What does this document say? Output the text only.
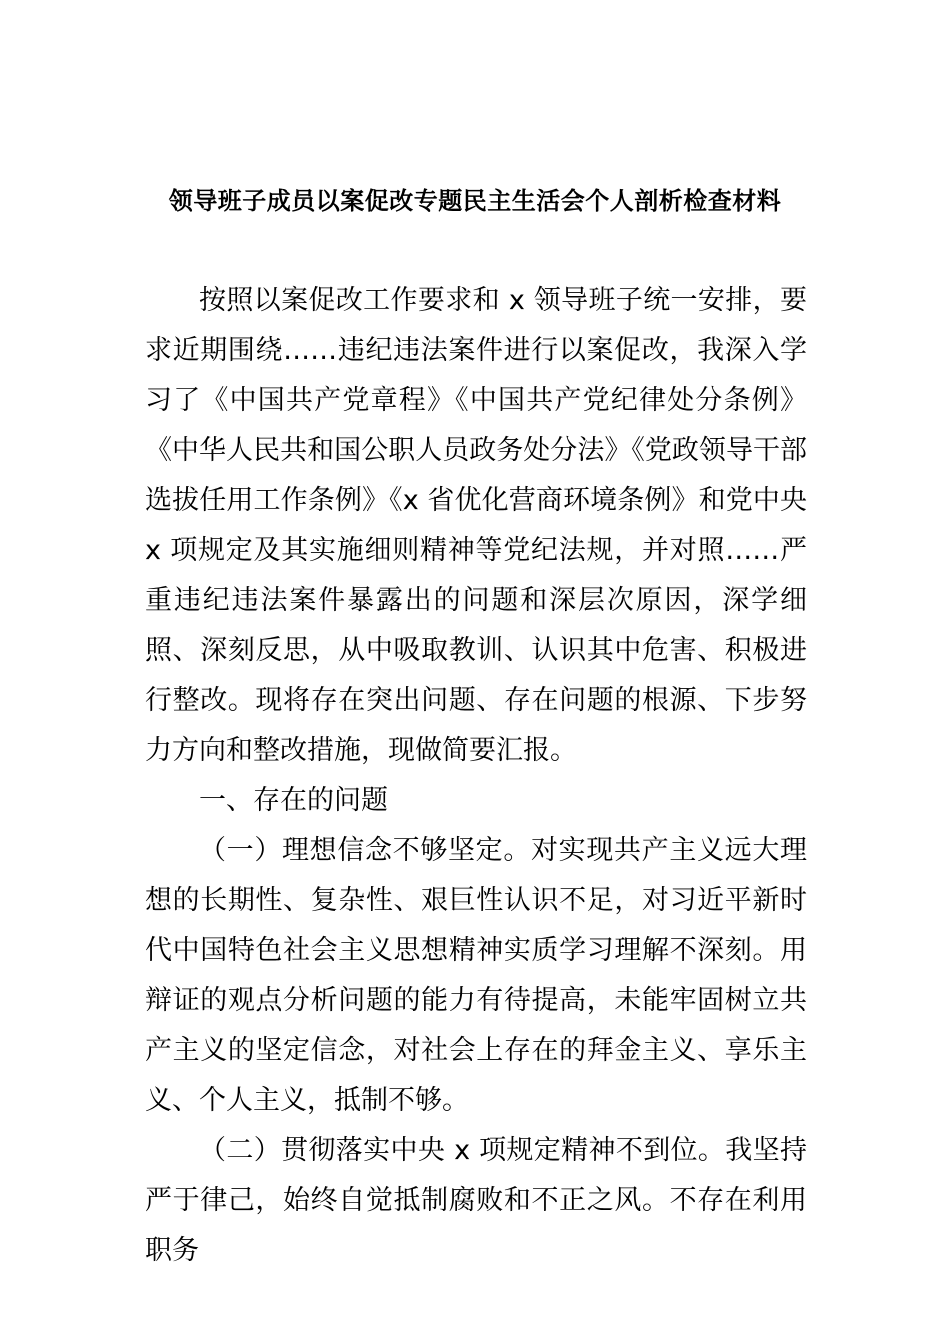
领导班子成员以案促改专题民主生活会个人剖析检查材料

按照以案促改工作要求和 x 领导班子统一安排，要求近期围绕……违纪违法案件进行以案促改，我深入学习了《中国共产党章程》《中国共产党纪律处分条例》《中华人民共和国公职人员政务处分法》《党政领导干部选拔任用工作条例》《x 省优化营商环境条例》和党中央 x 项规定及其实施细则精神等党纪法规，并对照……严重违纪违法案件暴露出的问题和深层次原因，深学细照、深刻反思，从中吸取教训、认识其中危害、积极进行整改。现将存在突出问题、存在问题的根源、下步努力方向和整改措施，现做简要汇报。

一、存在的问题

（一）理想信念不够坚定。对实现共产主义远大理想的长期性、复杂性、艰巨性认识不足，对习近平新时代中国特色社会主义思想精神实质学习理解不深刻。用辩证的观点分析问题的能力有待提高，未能牢固树立共产主义的坚定信念，对社会上存在的拜金主义、享乐主义、个人主义，抵制不够。

（二）贯彻落实中央 x 项规定精神不到位。我坚持严于律己，始终自觉抵制腐败和不正之风。不存在利用职务
